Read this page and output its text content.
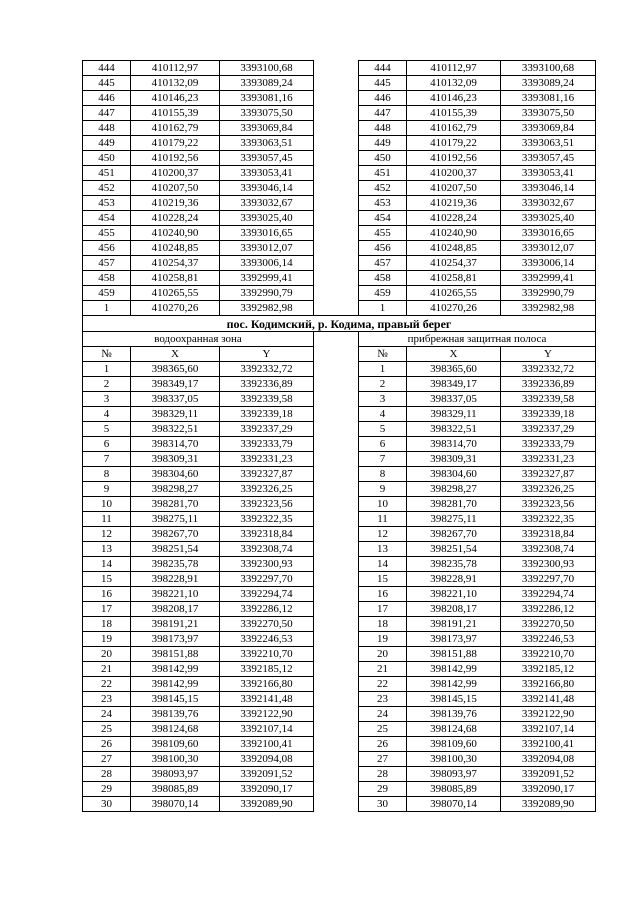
444	410112,97	3393100,68		444	410112,97	3393100,68
445	410132,09	3393089,24		445	410132,09	3393089,24
446	410146,23	3393081,16		446	410146,23	3393081,16
447	410155,39	3393075,50		447	410155,39	3393075,50
448	410162,79	3393069,84		448	410162,79	3393069,84
449	410179,22	3393063,51		449	410179,22	3393063,51
450	410192,56	3393057,45		450	410192,56	3393057,45
451	410200,37	3393053,41		451	410200,37	3393053,41
452	410207,50	3393046,14		452	410207,50	3393046,14
453	410219,36	3393032,67		453	410219,36	3393032,67
454	410228,24	3393025,40		454	410228,24	3393025,40
455	410240,90	3393016,65		455	410240,90	3393016,65
456	410248,85	3393012,07		456	410248,85	3393012,07
457	410254,37	3393006,14		457	410254,37	3393006,14
458	410258,81	3392999,41		458	410258,81	3392999,41
459	410265,55	3392990,79		459	410265,55	3392990,79
1	410270,26	3392982,98		1	410270,26	3392982,98
пос. Кодимский, р. Кодима, правый берег						
водоохранная зона				прибрежная защитная полоса		
№	X	Y		№	X	Y
1	398365,60	3392332,72		1	398365,60	3392332,72
2	398349,17	3392336,89		2	398349,17	3392336,89
3	398337,05	3392339,58		3	398337,05	3392339,58
4	398329,11	3392339,18		4	398329,11	3392339,18
5	398322,51	3392337,29		5	398322,51	3392337,29
6	398314,70	3392333,79		6	398314,70	3392333,79
7	398309,31	3392331,23		7	398309,31	3392331,23
8	398304,60	3392327,87		8	398304,60	3392327,87
9	398298,27	3392326,25		9	398298,27	3392326,25
10	398281,70	3392323,56		10	398281,70	3392323,56
11	398275,11	3392322,35		11	398275,11	3392322,35
12	398267,70	3392318,84		12	398267,70	3392318,84
13	398251,54	3392308,74		13	398251,54	3392308,74
14	398235,78	3392300,93		14	398235,78	3392300,93
15	398228,91	3392297,70		15	398228,91	3392297,70
16	398221,10	3392294,74		16	398221,10	3392294,74
17	398208,17	3392286,12		17	398208,17	3392286,12
18	398191,21	3392270,50		18	398191,21	3392270,50
19	398173,97	3392246,53		19	398173,97	3392246,53
20	398151,88	3392210,70		20	398151,88	3392210,70
21	398142,99	3392185,12		21	398142,99	3392185,12
22	398142,99	3392166,80		22	398142,99	3392166,80
23	398145,15	3392141,48		23	398145,15	3392141,48
24	398139,76	3392122,90		24	398139,76	3392122,90
25	398124,68	3392107,14		25	398124,68	3392107,14
26	398109,60	3392100,41		26	398109,60	3392100,41
27	398100,30	3392094,08		27	398100,30	3392094,08
28	398093,97	3392091,52		28	398093,97	3392091,52
29	398085,89	3392090,17		29	398085,89	3392090,17
30	398070,14	3392089,90		30	398070,14	3392089,90
